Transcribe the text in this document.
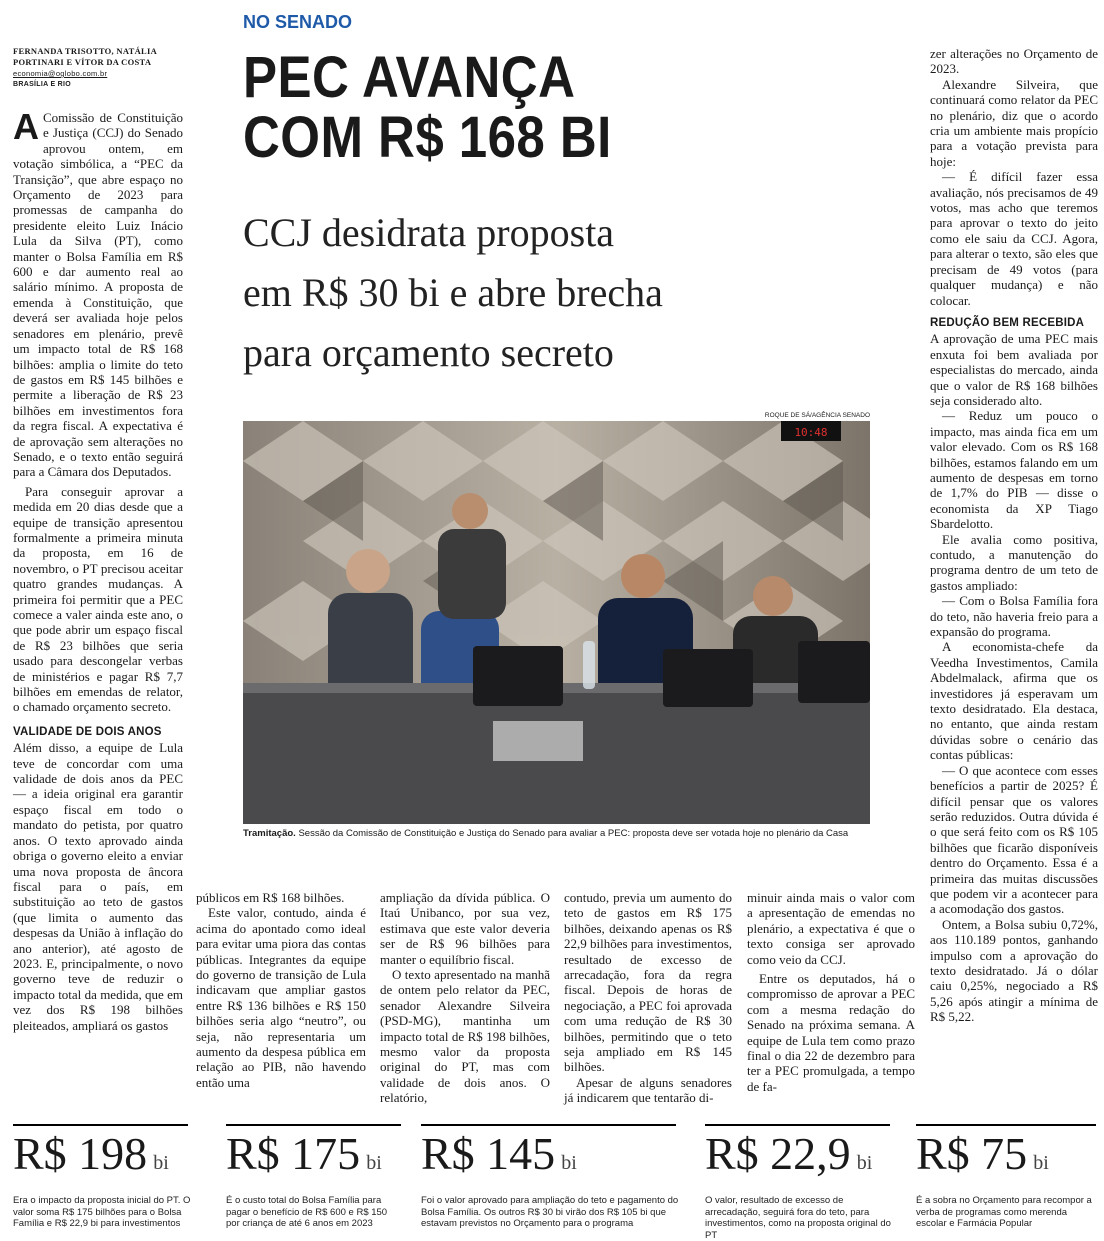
NO SENADO
PEC AVANÇA
COM R$ 168 BI
CCJ desidrata proposta
em R$ 30 bi e abre brecha
para orçamento secreto
FERNANDA TRISOTTO, NATÁLIA PORTINARI E VÍTOR DA COSTA
economia@oglobo.com.br
BRASÍLIA E RIO

A Comissão de Constituição e Justiça (CCJ) do Senado aprovou ontem, em votação simbólica, a “PEC da Transição”, que abre espaço no Orçamento de 2023 para promessas de campanha do presidente eleito Luiz Inácio Lula da Silva (PT), como manter o Bolsa Família em R$ 600 e dar aumento real ao salário mínimo. A proposta de emenda à Constituição, que deverá ser avaliada hoje pelos senadores em plenário, prevê um impacto total de R$ 168 bilhões: amplia o limite do teto de gastos em R$ 145 bilhões e permite a liberação de R$ 23 bilhões em investimentos fora da regra fiscal. A expectativa é de aprovação sem alterações no Senado, e o texto então seguirá para a Câmara dos Deputados.

Para conseguir aprovar a medida em 20 dias desde que a equipe de transição apresentou formalmente a primeira minuta da proposta, em 16 de novembro, o PT precisou aceitar quatro grandes mudanças. A primeira foi permitir que a PEC comece a valer ainda este ano, o que pode abrir um espaço fiscal de R$ 23 bilhões que seria usado para descongelar verbas de ministérios e pagar R$ 7,7 bilhões em emendas de relator, o chamado orçamento secreto.

VALIDADE DE DOIS ANOS

Além disso, a equipe de Lula teve de concordar com uma validade de dois anos da PEC — a ideia original era garantir espaço fiscal em todo o mandato do petista, por quatro anos. O texto aprovado ainda obriga o governo eleito a enviar uma nova proposta de âncora fiscal para o país, em substituição ao teto de gastos (que limita o aumento das despesas da União à inflação do ano anterior), até agosto de 2023. E, principalmente, o novo governo teve de reduzir o impacto total da medida, que em vez dos R$ 198 bilhões pleiteados, ampliará os gastos

ROQUE DE SÁ/AGÊNCIA SENADO
10:48
Tramitação. Sessão da Comissão de Constituição e Justiça do Senado para avaliar a PEC: proposta deve ser votada hoje no plenário da Casa

públicos em R$ 168 bilhões.

Este valor, contudo, ainda é acima do apontado como ideal para evitar uma piora das contas públicas. Integrantes da equipe do governo de transição de Lula indicavam que ampliar gastos entre R$ 136 bilhões e R$ 150 bilhões seria algo “neutro”, ou seja, não representaria um aumento da despesa pública em relação ao PIB, não havendo então uma

ampliação da dívida pública. O Itaú Unibanco, por sua vez, estimava que este valor deveria ser de R$ 96 bilhões para manter o equilíbrio fiscal.

O texto apresentado na manhã de ontem pelo relator da PEC, senador Alexandre Silveira (PSD-MG), mantinha um impacto total de R$ 198 bilhões, mesmo valor da proposta original do PT, mas com validade de dois anos. O relatório,

contudo, previa um aumento do teto de gastos em R$ 175 bilhões, deixando apenas os R$ 22,9 bilhões para investimentos, resultado de excesso de arrecadação, fora da regra fiscal. Depois de horas de negociação, a PEC foi aprovada com uma redução de R$ 30 bilhões, permitindo que o teto seja ampliado em R$ 145 bilhões.

Apesar de alguns senadores já indicarem que tentarão di-

minuir ainda mais o valor com a apresentação de emendas no plenário, a expectativa é que o texto consiga ser aprovado como veio da CCJ.

Entre os deputados, há o compromisso de aprovar a PEC com a mesma redação do Senado na próxima semana. A equipe de Lula tem como prazo final o dia 22 de dezembro para ter a PEC promulgada, a tempo de fa-

zer alterações no Orçamento de 2023.

Alexandre Silveira, que continuará como relator da PEC no plenário, diz que o acordo cria um ambiente mais propício para a votação prevista para hoje:

— É difícil fazer essa avaliação, nós precisamos de 49 votos, mas acho que teremos para aprovar o texto do jeito como ele saiu da CCJ. Agora, para alterar o texto, são eles que precisam de 49 votos (para qualquer mudança) e não colocar.

REDUÇÃO BEM RECEBIDA

A aprovação de uma PEC mais enxuta foi bem avaliada por especialistas do mercado, ainda que o valor de R$ 168 bilhões seja considerado alto.

— Reduz um pouco o impacto, mas ainda fica em um valor elevado. Com os R$ 168 bilhões, estamos falando em um aumento de despesas em torno de 1,7% do PIB — disse o economista da XP Tiago Sbardelotto.

Ele avalia como positiva, contudo, a manutenção do programa dentro de um teto de gastos ampliado:

— Com o Bolsa Família fora do teto, não haveria freio para a expansão do programa.

A economista-chefe da Veedha Investimentos, Camila Abdelmalack, afirma que os investidores já esperavam um texto desidratado. Ela destaca, no entanto, que ainda restam dúvidas sobre o cenário das contas públicas:

— O que acontece com esses benefícios a partir de 2025? É difícil pensar que os valores serão reduzidos. Outra dúvida é o que será feito com os R$ 105 bilhões que ficarão disponíveis dentro do Orçamento. Essa é a primeira das muitas discussões que podem vir a acontecer para a acomodação dos gastos.

Ontem, a Bolsa subiu 0,72%, aos 110.189 pontos, ganhando impulso com a aprovação do texto desidratado. Já o dólar caiu 0,25%, negociado a R$ 5,26 após atingir a mínima de R$ 5,22.

R$ 198 bi
Era o impacto da proposta inicial do PT. O valor soma R$ 175 bilhões para o Bolsa Família e R$ 22,9 bi para investimentos
R$ 175 bi
É o custo total do Bolsa Família para pagar o benefício de R$ 600 e R$ 150 por criança de até 6 anos em 2023
R$ 145 bi
Foi o valor aprovado para ampliação do teto e pagamento do Bolsa Família. Os outros R$ 30 bi virão dos R$ 105 bi que estavam previstos no Orçamento para o programa
R$ 22,9 bi
O valor, resultado de excesso de arrecadação, seguirá fora do teto, para investimentos, como na proposta original do PT
R$ 75 bi
É a sobra no Orçamento para recompor a verba de programas como merenda escolar e Farmácia Popular
